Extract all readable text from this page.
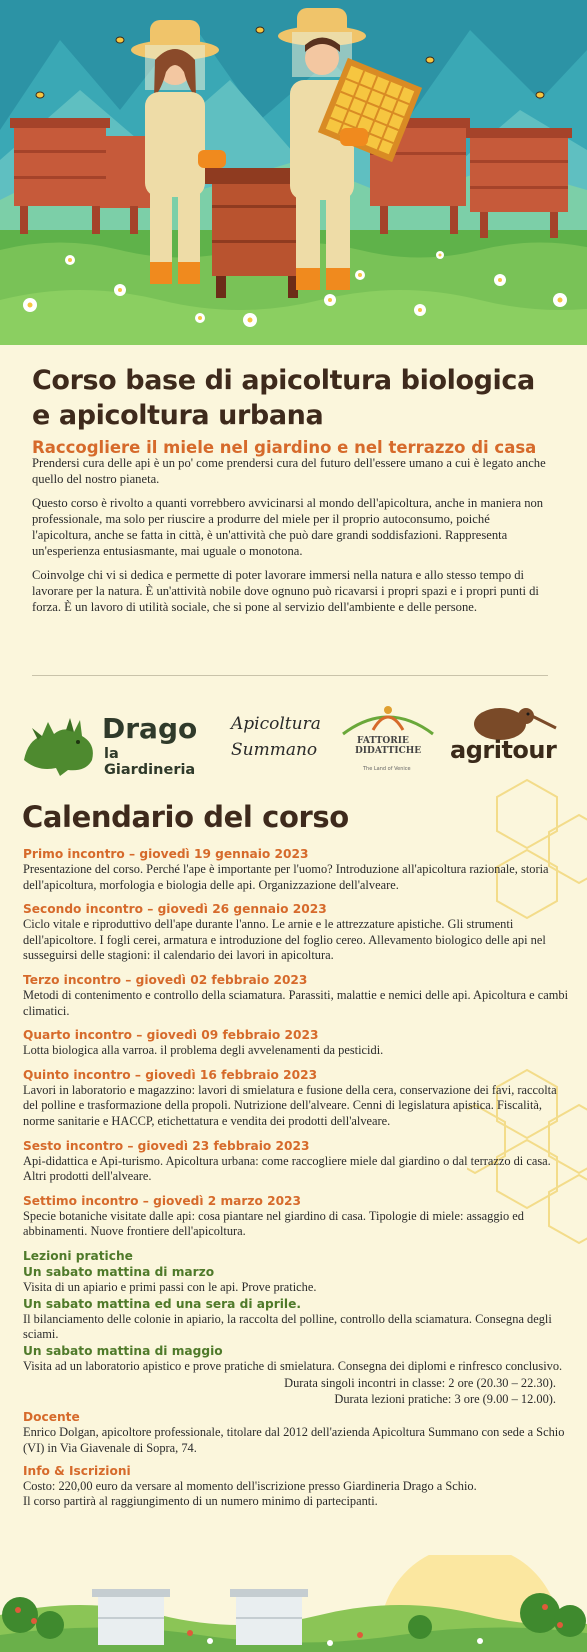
Corso base di apicoltura biologica
e apicoltura urbana
Raccogliere il miele nel giardino e nel terrazzo di casa

Prendersi cura delle api è un po' come prendersi cura del futuro dell'essere umano a cui è legato anche quello del nostro pianeta.

Questo corso è rivolto a quanti vorrebbero avvicinarsi al mondo dell'apicoltura, anche in maniera non professionale, ma solo per riuscire a produrre del miele per il proprio autoconsumo, poiché l'apicoltura, anche se fatta in città, è un'attività che può dare grandi soddisfazioni. Rappresenta un'esperienza entusiasmante, mai uguale o monotona.

Coinvolge chi vi si dedica e permette di poter lavorare immersi nella natura e allo stesso tempo di lavorare per la natura. È un'attività nobile dove ognuno può ricavarsi i propri spazi e i propri punti di forza. È un lavoro di utilità sociale, che si pone al servizio dell'ambiente e delle persone.

Drago
la Giardineria
Apicoltura
Summano	FATTORIE
DIDATTICHE
The Land of Venice
agritour
Calendario del corso
Primo incontro – giovedì 19 gennaio 2023
Presentazione del corso. Perché l'ape è importante per l'uomo? Introduzione all'apicoltura razionale, storia dell'apicoltura, morfologia e biologia delle api. Organizzazione dell'alveare.
Secondo incontro – giovedì 26 gennaio 2023
Ciclo vitale e riproduttivo dell'ape durante l'anno. Le arnie e le attrezzature apistiche. Gli strumenti dell'apicoltore. I fogli cerei, armatura e introduzione del foglio cereo. Allevamento biologico delle api nel susseguirsi delle stagioni: il calendario dei lavori in apicoltura.
Terzo incontro – giovedì 02 febbraio 2023
Metodi di contenimento e controllo della sciamatura. Parassiti, malattie e nemici delle api. Apicoltura e cambi climatici.
Quarto incontro – giovedì 09 febbraio 2023
Lotta biologica alla varroa. il problema degli avvelenamenti da pesticidi.
Quinto incontro – giovedì 16 febbraio 2023
Lavori in laboratorio e magazzino: lavori di smielatura e fusione della cera, conservazione dei favi, raccolta del polline e trasformazione della propoli. Nutrizione dell'alveare. Cenni di legislatura apistica. Fiscalità, norme sanitarie e HACCP, etichettatura e vendita dei prodotti dell'alveare.
Sesto incontro – giovedì 23 febbraio 2023
Api-didattica e Api-turismo. Apicoltura urbana: come raccogliere miele dal giardino o dal terrazzo di casa. Altri prodotti dell'alveare.
Settimo incontro – giovedì 2 marzo 2023
Specie botaniche visitate dalle api: cosa piantare nel giardino di casa. Tipologie di miele: assaggio ed abbinamenti. Nuove frontiere dell'apicoltura.
Lezioni pratiche
Un sabato mattina di marzo
Visita di un apiario e primi passi con le api. Prove pratiche.
Un sabato mattina ed una sera di aprile.
Il bilanciamento delle colonie in apiario, la raccolta del polline, controllo della sciamatura. Consegna degli sciami.
Un sabato mattina di maggio
Visita ad un laboratorio apistico e prove pratiche di smielatura. Consegna dei diplomi e rinfresco conclusivo.
Durata singoli incontri in classe: 2 ore (20.30 – 22.30).
Durata lezioni pratiche: 3 ore (9.00 – 12.00).
Docente
Enrico Dolgan, apicoltore professionale, titolare dal 2012 dell'azienda Apicoltura Summano con sede a Schio (VI) in Via Giavenale di Sopra, 74.
Info & Iscrizioni
Costo: 220,00 euro da versare al momento dell'iscrizione presso Giardineria Drago a Schio.
Il corso partirà al raggiungimento di un numero minimo di partecipanti.
